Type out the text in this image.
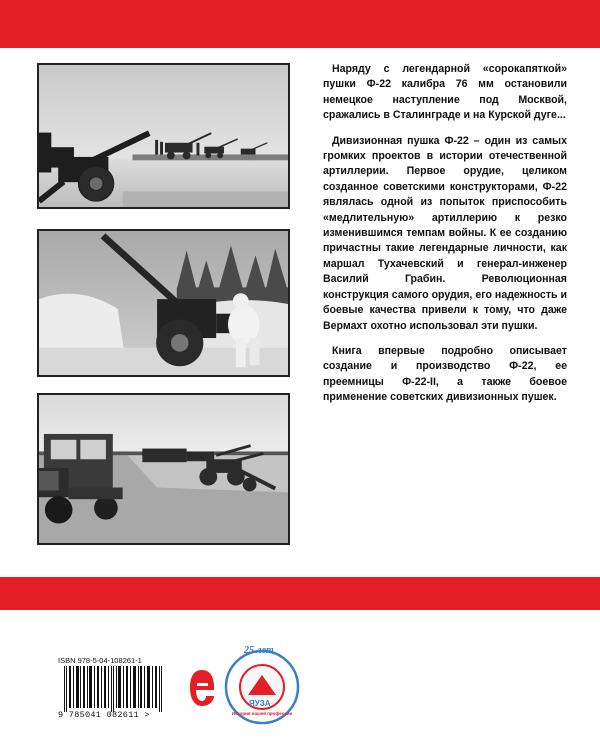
Наряду с легендарной «сорокапяткой» пушки Ф-22 калибра 76 мм остановили немецкое наступление под Москвой, сражались в Сталинграде и на Курской дуге...

Дивизионная пушка Ф-22 – один из самых громких проектов в истории отечественной артиллерии. Первое орудие, целиком созданное советскими конструкторами, Ф-22 являлась одной из попыток приспособить «медлительную» артиллерию к резко изменившимся темпам войны. К ее созданию причастны такие легендарные личности, как маршал Тухачевский и генерал-инженер Василий Грабин. Революционная конструкция самого орудия, его надежность и боевые качества привели к тому, что даже Вермахт охотно использовал эти пушки.

Книга впервые подробно описывает создание и производство Ф-22, ее преемницы Ф-22-II, а также боевое применение советских дивизионных пушек.

ISBN 978-5-04-108261-1
9 785041 082611 >
25 лет
ЯУЗА
История нашей профессии
